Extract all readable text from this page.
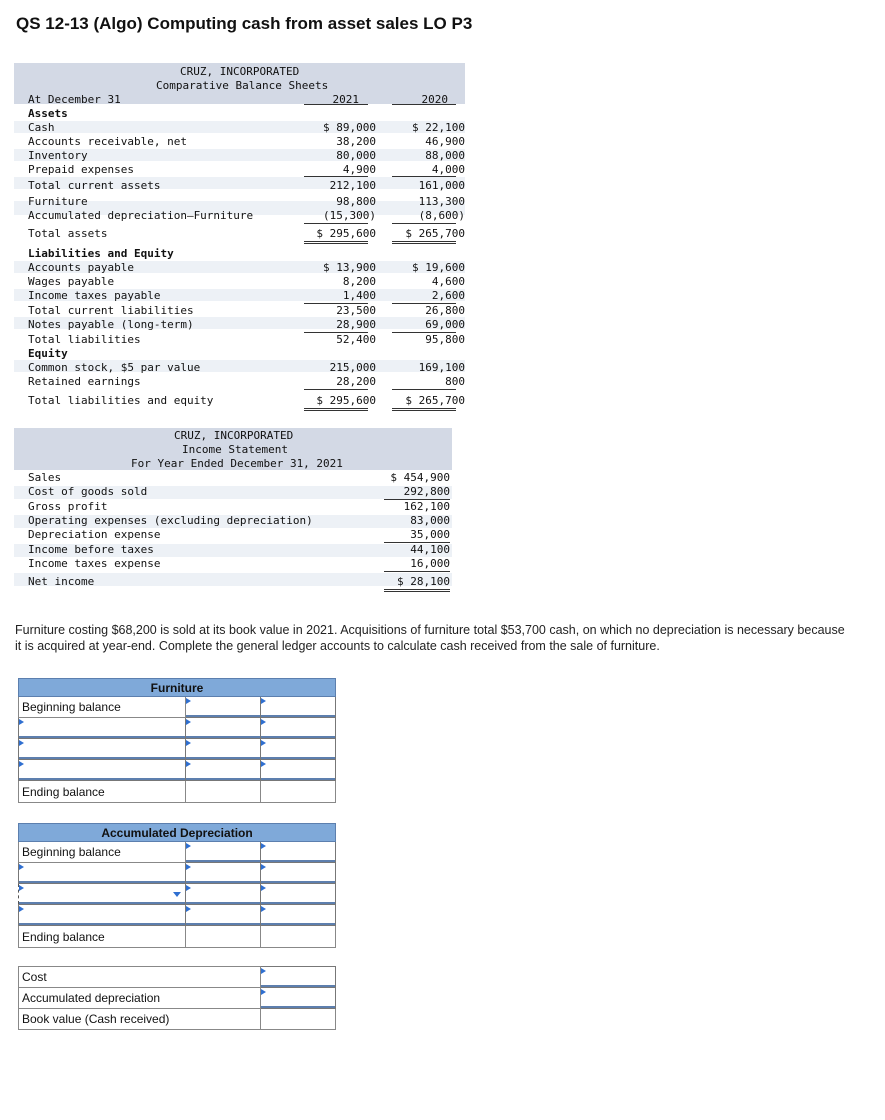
QS 12-13 (Algo) Computing cash from asset sales LO P3
CRUZ, INCORPORATED
Comparative Balance Sheets
At December 31	2021	2020
Assets
Cash	$ 89,000	$ 22,100
Accounts receivable, net	38,200	46,900
Inventory	80,000	88,000
Prepaid expenses	4,900	4,000
Total current assets	212,100	161,000
Furniture	98,800	113,300
Accumulated depreciation—Furniture	(15,300)	(8,600)
Total assets	$ 295,600	$ 265,700
Liabilities and Equity
Accounts payable	$ 13,900	$ 19,600
Wages payable	8,200	4,600
Income taxes payable	1,400	2,600
Total current liabilities	23,500	26,800
Notes payable (long-term)	28,900	69,000
Total liabilities	52,400	95,800
Equity
Common stock, $5 par value	215,000	169,100
Retained earnings	28,200	800
Total liabilities and equity	$ 295,600	$ 265,700
CRUZ, INCORPORATED
Income Statement
For Year Ended December 31, 2021
Sales	$ 454,900
Cost of goods sold	292,800
Gross profit	162,100
Operating expenses (excluding depreciation)	83,000
Depreciation expense	35,000
Income before taxes	44,100
Income taxes expense	16,000
Net income	$ 28,100

Furniture costing $68,200 is sold at its book value in 2021. Acquisitions of furniture total $53,700 cash, on which no depreciation is necessary because it is acquired at year-end. Complete the general ledger accounts to calculate cash received from the sale of furniture.

Furniture		
Beginning balance		

Ending balance		
Accumulated Depreciation		
Beginning balance		

Ending balance		
Cost	
Accumulated depreciation	
Book value (Cash received)	
